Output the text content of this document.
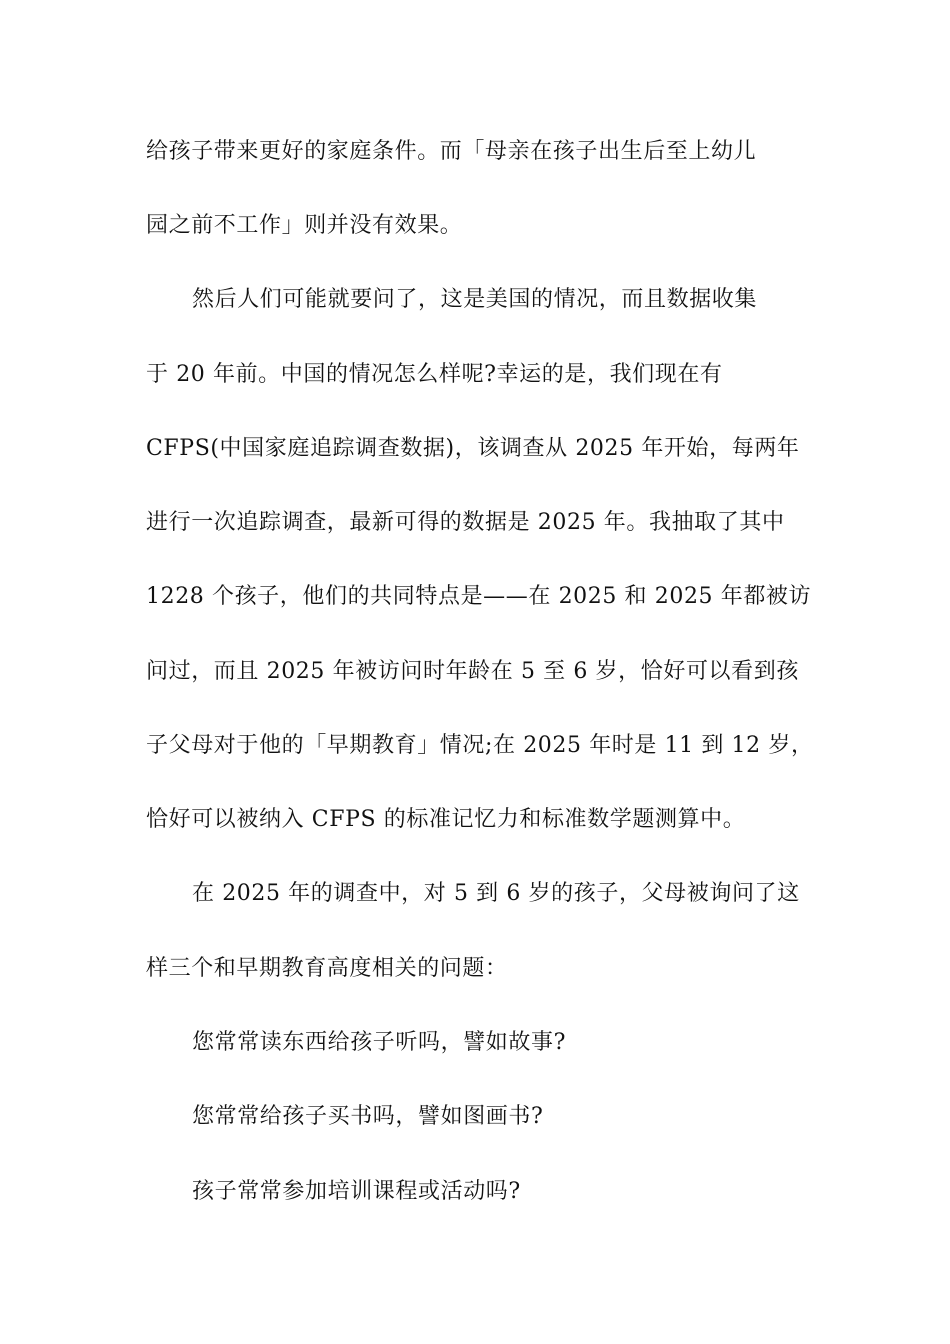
给孩子带来更好的家庭条件。而「母亲在孩子出生后至上幼儿
园之前不工作」则并没有效果。
然后人们可能就要问了，这是美国的情况，而且数据收集
于 20 年前。中国的情况怎么样呢?幸运的是，我们现在有
CFPS(中国家庭追踪调查数据)，该调查从 2025 年开始，每两年
进行一次追踪调查，最新可得的数据是 2025 年。我抽取了其中
1228 个孩子，他们的共同特点是——在 2025 和 2025 年都被访
问过，而且 2025 年被访问时年龄在 5 至 6 岁，恰好可以看到孩
子父母对于他的「早期教育」情况;在 2025 年时是 11 到 12 岁，
恰好可以被纳入 CFPS 的标准记忆力和标准数学题测算中。
在 2025 年的调查中，对 5 到 6 岁的孩子，父母被询问了这
样三个和早期教育高度相关的问题：
您常常读东西给孩子听吗，譬如故事?
您常常给孩子买书吗，譬如图画书?
孩子常常参加培训课程或活动吗?
